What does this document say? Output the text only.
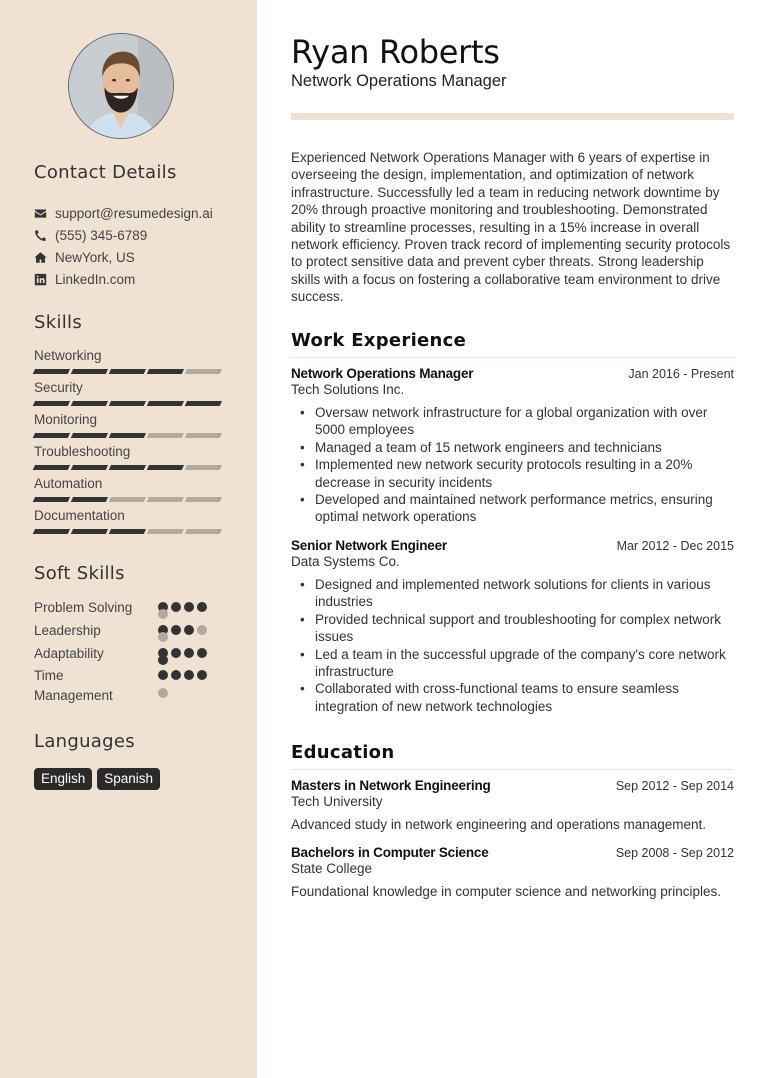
Contact Details
support@resumedesign.ai
(555) 345-6789
NewYork, US
LinkedIn.com
Skills
Networking
Security
Monitoring
Troubleshooting
Automation
Documentation
Soft Skills
Problem Solving
Leadership
Adaptability
Time Management
Languages
English	Spanish
Ryan Roberts
Network Operations Manager

Experienced Network Operations Manager with 6 years of expertise in overseeing the design, implementation, and optimization of network infrastructure. Successfully led a team in reducing network downtime by 20% through proactive monitoring and troubleshooting. Demonstrated ability to streamline processes, resulting in a 15% increase in overall network efficiency. Proven track record of implementing security protocols to protect sensitive data and prevent cyber threats. Strong leadership skills with a focus on fostering a collaborative team environment to drive success.

Work Experience
Network Operations Manager	Jan 2016 - Present
Tech Solutions Inc.
• Oversaw network infrastructure for a global organization with over 5000 employees
• Managed a team of 15 network engineers and technicians
• Implemented new network security protocols resulting in a 20% decrease in security incidents
• Developed and maintained network performance metrics, ensuring optimal network operations
Senior Network Engineer	Mar 2012 - Dec 2015
Data Systems Co.
• Designed and implemented network solutions for clients in various industries
• Provided technical support and troubleshooting for complex network issues
• Led a team in the successful upgrade of the company's core network infrastructure
• Collaborated with cross-functional teams to ensure seamless integration of new network technologies
Education
Masters in Network Engineering	Sep 2012 - Sep 2014
Tech University
Advanced study in network engineering and operations management.
Bachelors in Computer Science	Sep 2008 - Sep 2012
State College
Foundational knowledge in computer science and networking principles.
